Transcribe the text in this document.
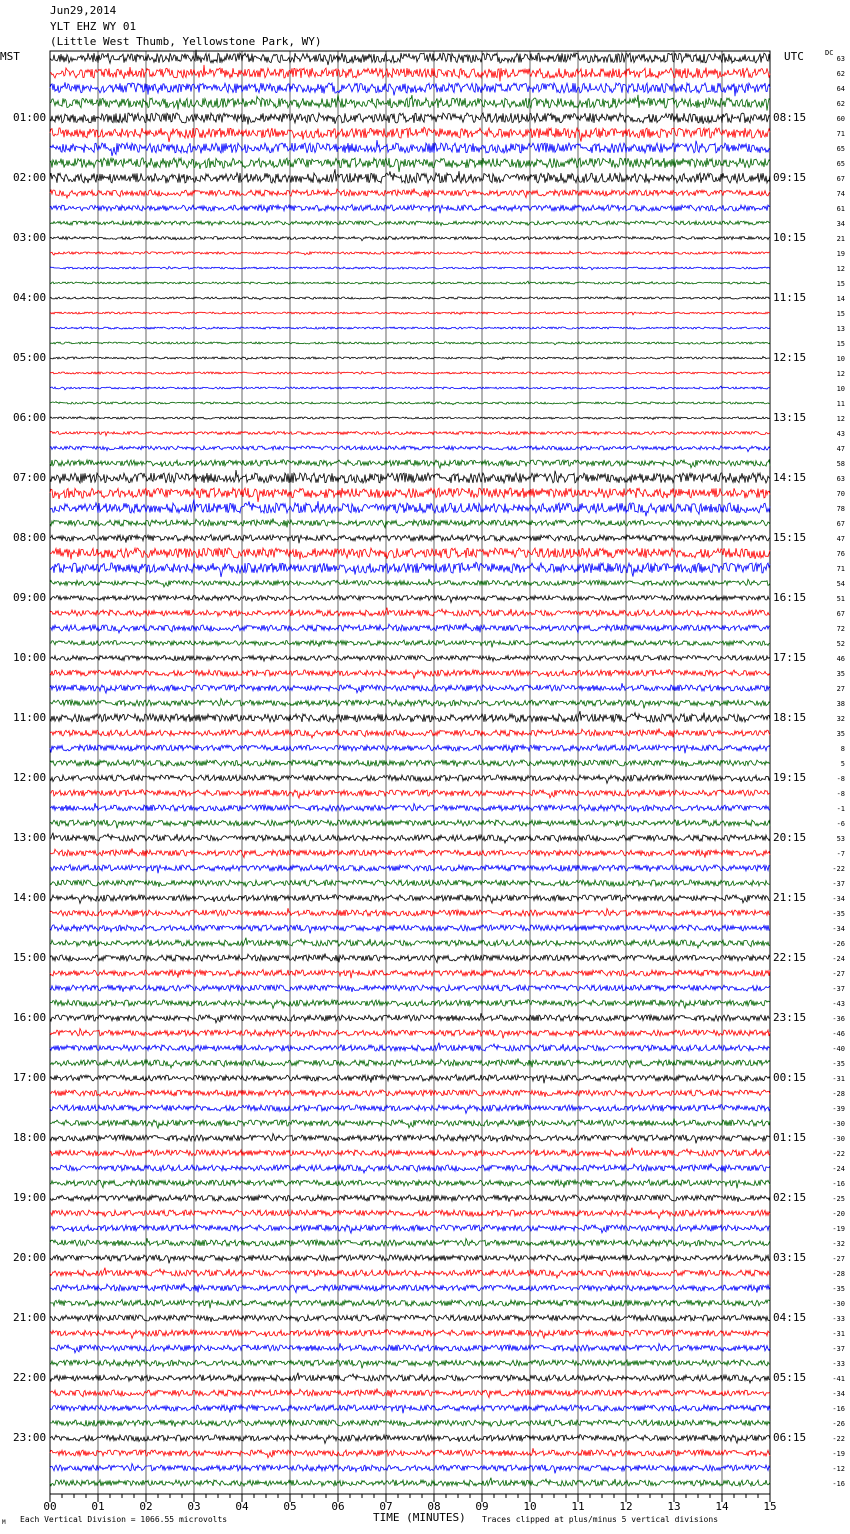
Jun29,2014
YLT EHZ WY 01
(Little West Thumb, Yellowstone Park, WY)
MST	UTC	DC
00	01	02	03	04	05	06	07	08	09	10	11	12	13	14	15
01:00
02:00
03:00
04:00
05:00
06:00
07:00
08:00
09:00
10:00
11:00
12:00
13:00
14:00
15:00
16:00
17:00
18:00
19:00
20:00
21:00
22:00
23:00
08:15
09:15
10:15
11:15
12:15
13:15
14:15
15:15
16:15
17:15
18:15
19:15
20:15
21:15
22:15
23:15
00:15
01:15
02:15
03:15
04:15
05:15
06:15
63
62
64
62
60
71
65
65
67
74
61
34
21
19
12
15
14
15
13
15
10
12
10
11
12
43
47
58
63
70
78
67
47
76
71
54
51
67
72
52
46
35
27
38
32
35
8
5
-8
-8
-1
-6
53
-7
-22
-37
-34
-35
-34
-26
-24
-27
-37
-43
-36
-46
-40
-35
-31
-28
-39
-30
-30
-22
-24
-16
-25
-20
-19
-32
-27
-28
-35
-30
-33
-31
-37
-33
-41
-34
-16
-26
-22
-19
-12
-16
M Each Vertical Division = 1066.55 microvolts	TIME (MINUTES) Traces clipped at plus/minus 5 vertical divisions
